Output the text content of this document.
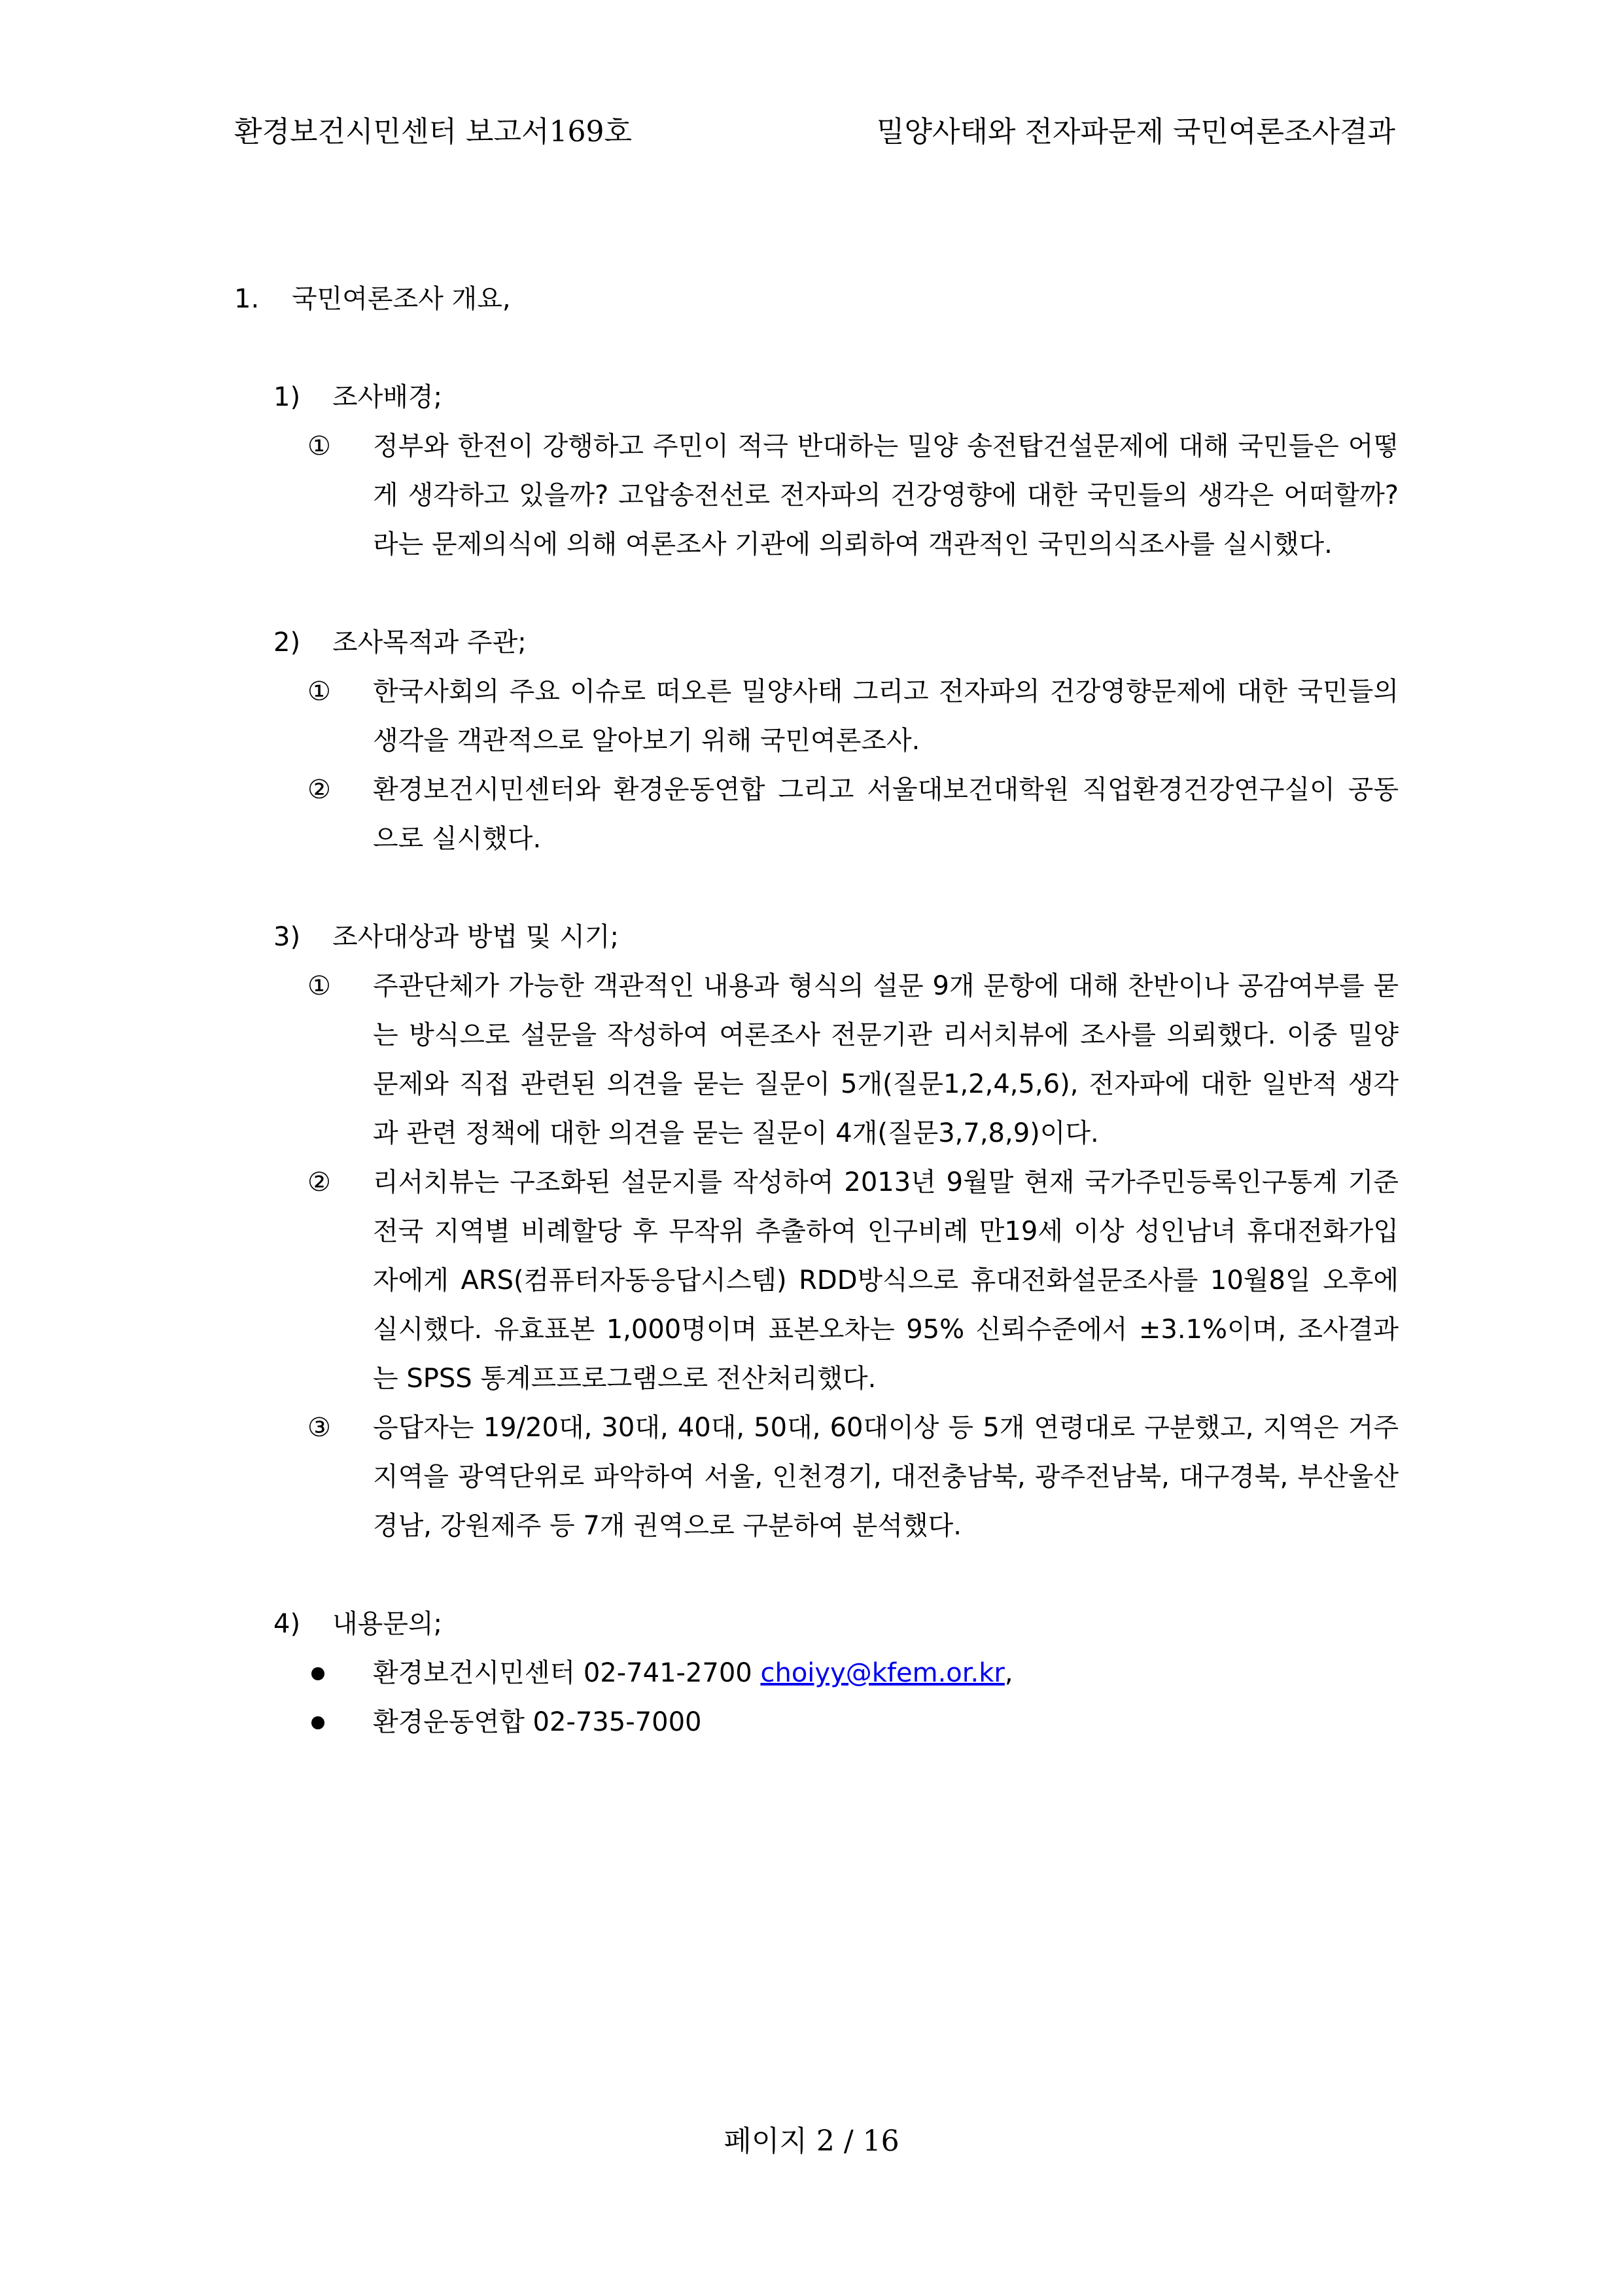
환경보건시민센터 보고서169호	밀양사태와 전자파문제 국민여론조사결과
1. 국민여론조사 개요,
1) 조사배경;
① 정부와 한전이 강행하고 주민이 적극 반대하는 밀양 송전탑건설문제에 대해 국민들은 어떻게 생각하고 있을까? 고압송전선로 전자파의 건강영향에 대한 국민들의 생각은 어떠할까? 라는 문제의식에 의해 여론조사 기관에 의뢰하여 객관적인 국민의식조사를 실시했다.
2) 조사목적과 주관;
① 한국사회의 주요 이슈로 떠오른 밀양사태 그리고 전자파의 건강영향문제에 대한 국민들의 생각을 객관적으로 알아보기 위해 국민여론조사.
② 환경보건시민센터와 환경운동연합 그리고 서울대보건대학원 직업환경건강연구실이 공동으로 실시했다.
3) 조사대상과 방법 및 시기;
① 주관단체가 가능한 객관적인 내용과 형식의 설문 9개 문항에 대해 찬반이나 공감여부를 묻는 방식으로 설문을 작성하여 여론조사 전문기관 리서치뷰에 조사를 의뢰했다. 이중 밀양문제와 직접 관련된 의견을 묻는 질문이 5개(질문1,2,4,5,6), 전자파에 대한 일반적 생각과 관련 정책에 대한 의견을 묻는 질문이 4개(질문3,7,8,9)이다.
② 리서치뷰는 구조화된 설문지를 작성하여 2013년 9월말 현재 국가주민등록인구통계 기준 전국 지역별 비례할당 후 무작위 추출하여 인구비례 만19세 이상 성인남녀 휴대전화가입자에게 ARS(컴퓨터자동응답시스템) RDD방식으로 휴대전화설문조사를 10월8일 오후에 실시했다. 유효표본 1,000명이며 표본오차는 95% 신뢰수준에서 ±3.1%이며, 조사결과는 SPSS 통계프프로그램으로 전산처리했다.
③ 응답자는 19/20대, 30대, 40대, 50대, 60대이상 등 5개 연령대로 구분했고, 지역은 거주지역을 광역단위로 파악하여 서울, 인천경기, 대전충남북, 광주전남북, 대구경북, 부산울산경남, 강원제주 등 7개 권역으로 구분하여 분석했다.
4) 내용문의;
환경보건시민센터 02-741-2700 choiyy@kfem.or.kr,
환경운동연합 02-735-7000
페이지 2 / 16
